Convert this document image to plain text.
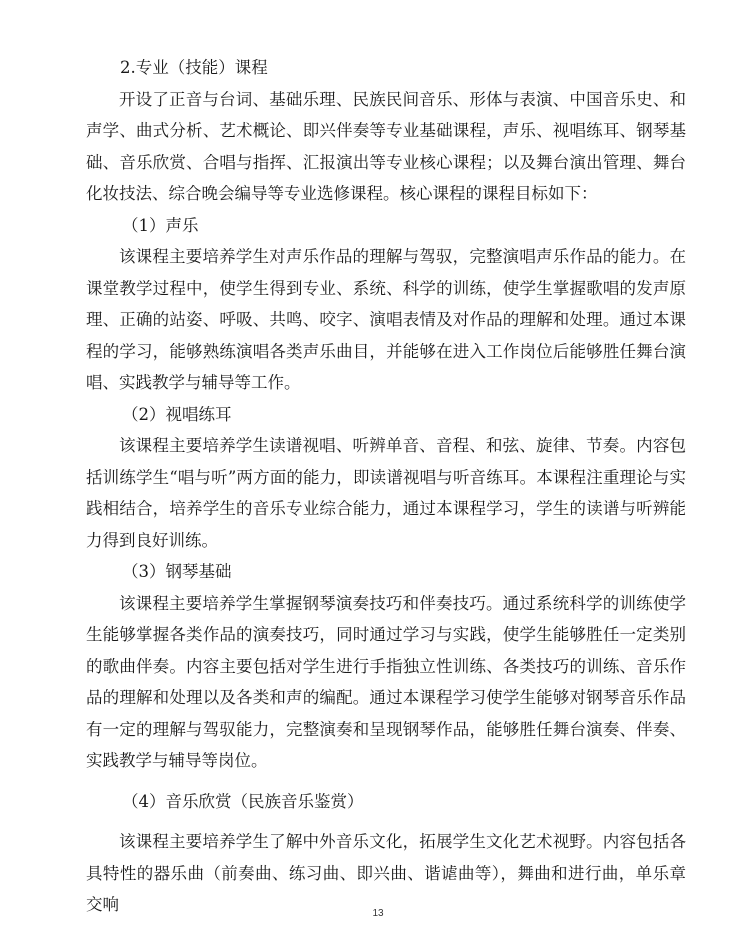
2.专业（技能）课程

开设了正音与台词、基础乐理、民族民间音乐、形体与表演、中国音乐史、和声学、曲式分析、艺术概论、即兴伴奏等专业基础课程，声乐、视唱练耳、钢琴基础、音乐欣赏、合唱与指挥、汇报演出等专业核心课程；以及舞台演出管理、舞台化妆技法、综合晚会编导等专业选修课程。核心课程的课程目标如下：

（1）声乐

该课程主要培养学生对声乐作品的理解与驾驭，完整演唱声乐作品的能力。在课堂教学过程中，使学生得到专业、系统、科学的训练，使学生掌握歌唱的发声原理、正确的站姿、呼吸、共鸣、咬字、演唱表情及对作品的理解和处理。通过本课程的学习，能够熟练演唱各类声乐曲目，并能够在进入工作岗位后能够胜任舞台演唱、实践教学与辅导等工作。

（2）视唱练耳

该课程主要培养学生读谱视唱、听辨单音、音程、和弦、旋律、节奏。内容包括训练学生“唱与听”两方面的能力，即读谱视唱与听音练耳。本课程注重理论与实践相结合，培养学生的音乐专业综合能力，通过本课程学习，学生的读谱与听辨能力得到良好训练。

（3）钢琴基础

该课程主要培养学生掌握钢琴演奏技巧和伴奏技巧。通过系统科学的训练使学生能够掌握各类作品的演奏技巧，同时通过学习与实践，使学生能够胜任一定类别的歌曲伴奏。内容主要包括对学生进行手指独立性训练、各类技巧的训练、音乐作品的理解和处理以及各类和声的编配。通过本课程学习使学生能够对钢琴音乐作品有一定的理解与驾驭能力，完整演奏和呈现钢琴作品，能够胜任舞台演奏、伴奏、实践教学与辅导等岗位。

（4）音乐欣赏（民族音乐鉴赏）

该课程主要培养学生了解中外音乐文化，拓展学生文化艺术视野。内容包括各具特性的器乐曲（前奏曲、练习曲、即兴曲、谐谑曲等），舞曲和进行曲，单乐章交响	13
